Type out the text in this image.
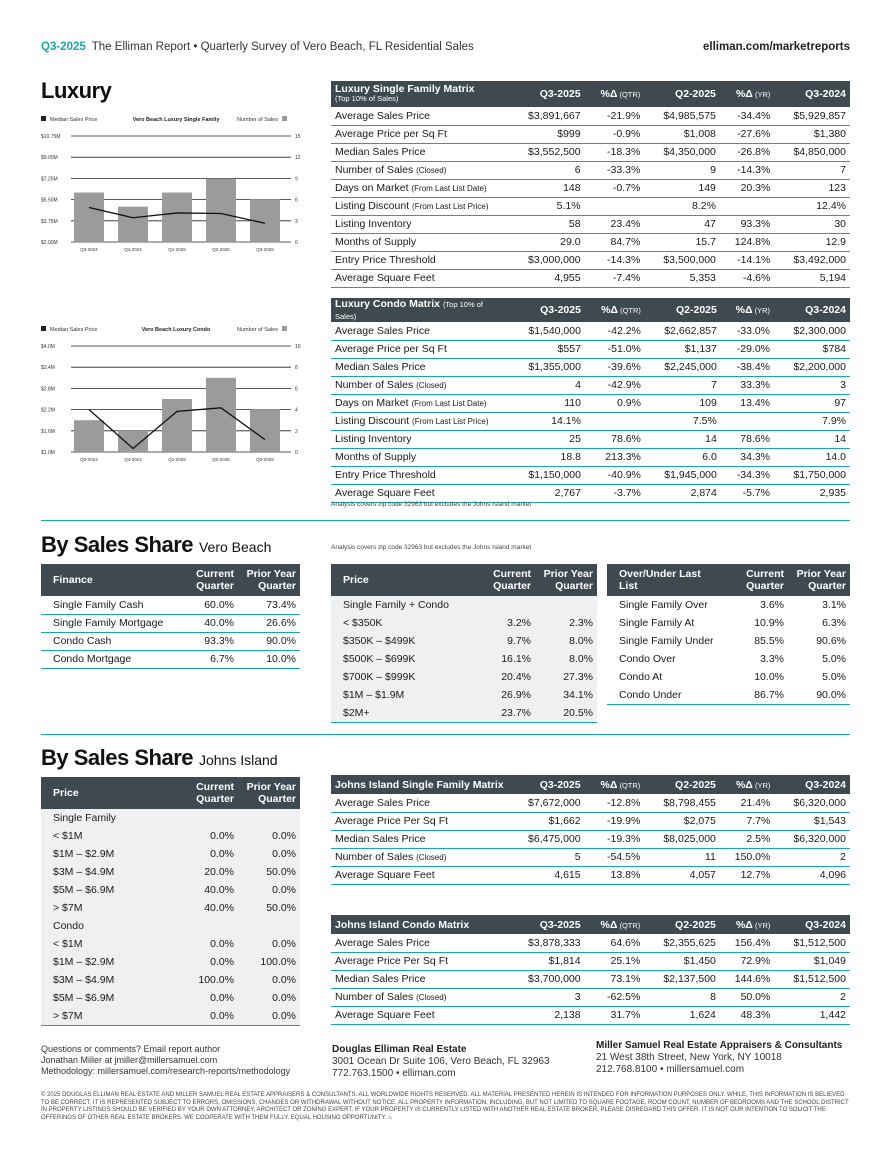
Q3-2025 The Elliman Report • Quarterly Survey of Vero Beach, FL Residential Sales	elliman.com/marketreports
Luxury
Median Sales Price	Vero Beach Luxury Single Family	Number of Sales
$2.00M	0
$3.75M	3
$5.50M	6
$7.25M	9
$9.00M	12
$10.75M	15
Q3-2024	Q4-2024	Q1-2025	Q2-2025	Q3-2025
Median Sales Price	Vero Beach Luxury Condo	Number of Sales
$1.0M	0
$1.6M	2
$2.2M	4
$2.8M	6
$3.4M	8
$4.0M	10
Q3-2024	Q4-2024	Q1-2025	Q2-2025	Q3-2025
Luxury Single Family Matrix
(Top 10% of Sales)	Q3-2025	%Δ (QTR)	Q2-2025	%Δ (YR)	Q3-2024
Average Sales Price	$3,891,667	-21.9%	$4,985,575	-34.4%	$5,929,857
Average Price per Sq Ft	$999	-0.9%	$1,008	-27.6%	$1,380
Median Sales Price	$3,552,500	-18.3%	$4,350,000	-26.8%	$4,850,000
Number of Sales (Closed)	6	-33.3%	9	-14.3%	7
Days on Market (From Last List Date)	148	-0.7%	149	20.3%	123
Listing Discount (From Last List Price)	5.1%		8.2%		12.4%
Listing Inventory	58	23.4%	47	93.3%	30
Months of Supply	29.0	84.7%	15.7	124.8%	12.9
Entry Price Threshold	$3,000,000	-14.3%	$3,500,000	-14.1%	$3,492,000
Average Square Feet	4,955	-7.4%	5,353	-4.6%	5,194
Luxury Condo Matrix (Top 10% of Sales)	Q3-2025	%Δ (QTR)	Q2-2025	%Δ (YR)	Q3-2024
Average Sales Price	$1,540,000	-42.2%	$2,662,857	-33.0%	$2,300,000
Average Price per Sq Ft	$557	-51.0%	$1,137	-29.0%	$784
Median Sales Price	$1,355,000	-39.6%	$2,245,000	-38.4%	$2,200,000
Number of Sales (Closed)	4	-42.9%	7	33.3%	3
Days on Market (From Last List Date)	110	0.9%	109	13.4%	97
Listing Discount (From Last List Price)	14.1%		7.5%		7.9%
Listing Inventory	25	78.6%	14	78.6%	14
Months of Supply	18.8	213.3%	6.0	34.3%	14.0
Entry Price Threshold	$1,150,000	-40.9%	$1,945,000	-34.3%	$1,750,000
Average Square Feet	2,767	-3.7%	2,874	-5.7%	2,935
Analysis covers zip code 32963 but excludes the Johns Island market
By Sales Share Vero Beach	Analysis covers zip code 32963 but excludes the Johns Island market
Finance	Current Quarter	Prior Year Quarter
Single Family Cash	60.0%	73.4%
Single Family Mortgage	40.0%	26.6%
Condo Cash	93.3%	90.0%
Condo Mortgage	6.7%	10.0%
Price	Current Quarter	Prior Year Quarter
Single Family + Condo		
< $350K	3.2%	2.3%
$350K – $499K	9.7%	8.0%
$500K – $699K	16.1%	8.0%
$700K – $999K	20.4%	27.3%
$1M – $1.9M	26.9%	34.1%
$2M+	23.7%	20.5%
Over/Under Last List	Current Quarter	Prior Year Quarter
Single Family Over	3.6%	3.1%
Single Family At	10.9%	6.3%
Single Family Under	85.5%	90.6%
Condo Over	3.3%	5.0%
Condo At	10.0%	5.0%
Condo Under	86.7%	90.0%
By Sales Share Johns Island
Price	Current Quarter	Prior Year Quarter
Single Family		
< $1M	0.0%	0.0%
$1M – $2.9M	0.0%	0.0%
$3M – $4.9M	20.0%	50.0%
$5M – $6.9M	40.0%	0.0%
> $7M	40.0%	50.0%
Condo		
< $1M	0.0%	0.0%
$1M – $2.9M	0.0%	100.0%
$3M – $4.9M	100.0%	0.0%
$5M – $6.9M	0.0%	0.0%
> $7M	0.0%	0.0%
Johns Island Single Family Matrix	Q3-2025	%Δ (QTR)	Q2-2025	%Δ (YR)	Q3-2024
Average Sales Price	$7,672,000	-12.8%	$8,798,455	21.4%	$6,320,000
Average Price Per Sq Ft	$1,662	-19.9%	$2,075	7.7%	$1,543
Median Sales Price	$6,475,000	-19.3%	$8,025,000	2.5%	$6,320,000
Number of Sales (Closed)	5	-54.5%	11	150.0%	2
Average Square Feet	4,615	13.8%	4,057	12.7%	4,096
Johns Island Condo Matrix	Q3-2025	%Δ (QTR)	Q2-2025	%Δ (YR)	Q3-2024
Average Sales Price	$3,878,333	64.6%	$2,355,625	156.4%	$1,512,500
Average Price Per Sq Ft	$1,814	25.1%	$1,450	72.9%	$1,049
Median Sales Price	$3,700,000	73.1%	$2,137,500	144.6%	$1,512,500
Number of Sales (Closed)	3	-62.5%	8	50.0%	2
Average Square Feet	2,138	31.7%	1,624	48.3%	1,442
Questions or comments? Email report author
Jonathan Miller at jmiller@millersamuel.com
Methodology: millersamuel.com/research-reports/methodology
Douglas Elliman Real Estate
3001 Ocean Dr Suite 106, Vero Beach, FL 32963
772.763.1500 • elliman.com
Miller Samuel Real Estate Appraisers & Consultants
21 West 38th Street, New York, NY 10018
212.768.8100 • millersamuel.com
© 2025 DOUGLAS ELLIMAN REAL ESTATE AND MILLER SAMUEL REAL ESTATE APPRAISERS & CONSULTANTS. ALL WORLDWIDE RIGHTS RESERVED. ALL MATERIAL PRESENTED HEREIN IS INTENDED FOR INFORMATION PURPOSES ONLY. WHILE, THIS INFORMATION IS BELIEVED TO BE CORRECT, IT IS REPRESENTED SUBJECT TO ERRORS, OMISSIONS, CHANGES OR WITHDRAWAL WITHOUT NOTICE. ALL PROPERTY INFORMATION, INCLUDING, BUT NOT LIMITED TO SQUARE FOOTAGE, ROOM COUNT, NUMBER OF BEDROOMS AND THE SCHOOL DISTRICT IN PROPERTY LISTINGS SHOULD BE VERIFIED BY YOUR OWN ATTORNEY, ARCHITECT OR ZONING EXPERT. IF YOUR PROPERTY IS CURRENTLY LISTED WITH ANOTHER REAL ESTATE BROKER, PLEASE DISREGARD THIS OFFER. IT IS NOT OUR INTENTION TO SOLICIT THE OFFERINGS OF OTHER REAL ESTATE BROKERS. WE COOPERATE WITH THEM FULLY. EQUAL HOUSING OPPORTUNITY. ⌂
